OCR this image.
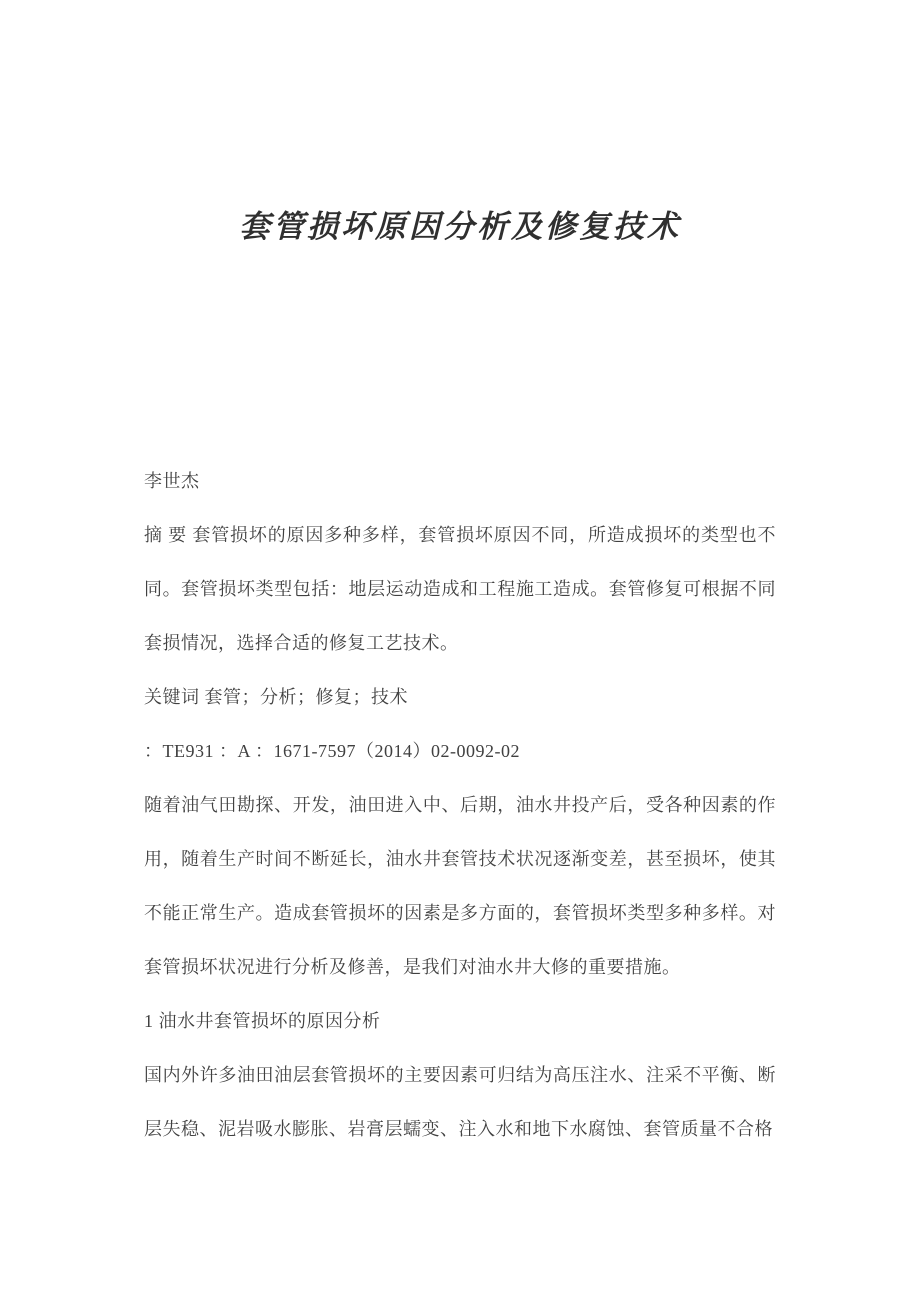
套管损坏原因分析及修复技术

李世杰

摘 要 套管损坏的原因多种多样，套管损坏原因不同，所造成损坏的类型也不同。套管损坏类型包括：地层运动造成和工程施工造成。套管修复可根据不同套损情况，选择合适的修复工艺技术。

关键词 套管；分析；修复；技术

：TE931 ：A ：1671-7597（2014）02-0092-02

随着油气田勘探、开发，油田进入中、后期，油水井投产后，受各种因素的作用，随着生产时间不断延长，油水井套管技术状况逐渐变差，甚至损坏，使其不能正常生产。造成套管损坏的因素是多方面的，套管损坏类型多种多样。对套管损坏状况进行分析及修善，是我们对油水井大修的重要措施。

1 油水井套管损坏的原因分析

国内外许多油田油层套管损坏的主要因素可归结为高压注水、注采不平衡、断层失稳、泥岩吸水膨胀、岩膏层蠕变、注入水和地下水腐蚀、套管质量不合格
